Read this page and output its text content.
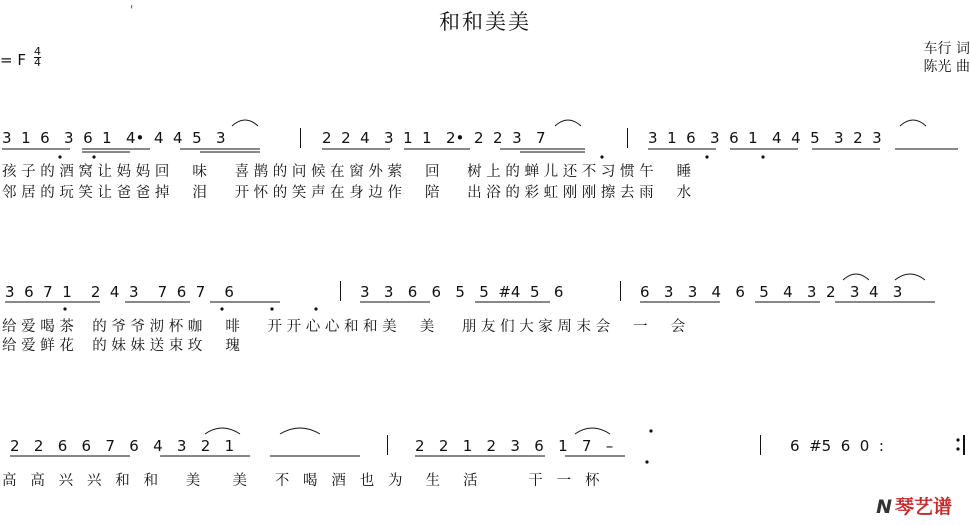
'	和和美美
= F 4
4
车行 词
陈光 曲
3  1  6   3  6  1   4•  4  4  5   3	2  2  4   3  1  1   2•  2  2  3   7	3  1  6   3  6  1   4  4  5   3  2  3
孩 子 的 酒 窝 让 妈 妈 回     味      喜 鹊 的 问 候 在 窗 外 萦     回      树 上 的 蝉 儿 还 不 习 惯 午     睡
邻 居 的 玩 笑 让 爸 爸 掉     泪      开 怀 的 笑 声 在 身 边 作     陪      出 浴 的 彩 虹 刚 刚 擦 去 雨     水
3  6  7  1    2  4  3    7  6  7    6	3   3   6   6   5   5  #4  5   6	6   3   3   4   6   5   4   3  2   3  4   3
给 爱 喝 茶    的 爷 爷 沏 杯 咖     啡      开 开 心 心 和 和 美     美      朋 友 们 大 家 周 末 会     一     会
给 爱 鲜 花    的 妹 妹 送 束 玫     瑰
2   2   6   6   7   6   4   3   2   1	2   2   1   2   3   6   1   7   –	6  #5  6  0  :
高   高   兴   兴   和   和      美       美      不   喝   酒   也   为     生     活           干   一   杯
N 琴艺谱
